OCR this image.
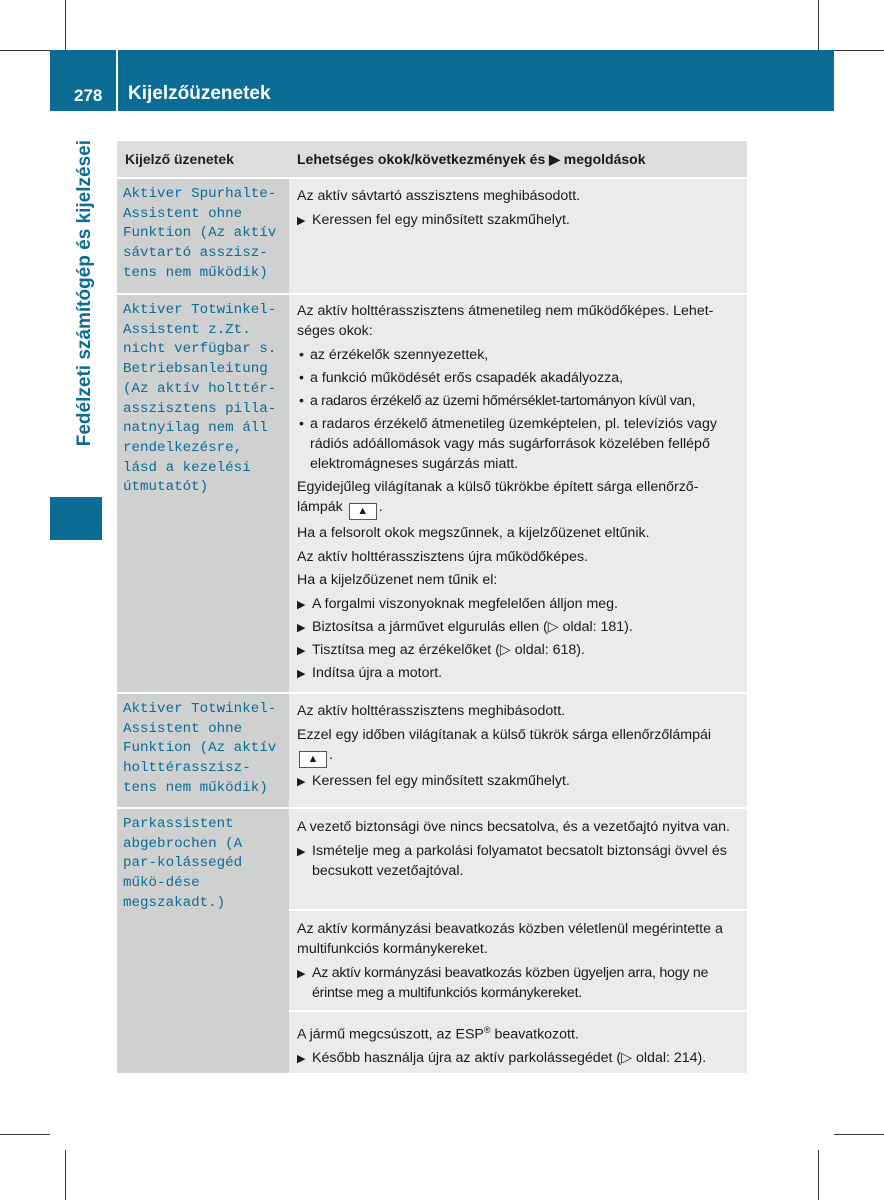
278 Kijelzőüzenetek
Fedélzeti számítógép és kijelzései	Kijelző üzenetek	Lehetséges okok/következmények és ▶ megoldások
Aktiver Spurhalte-Assistent ohne Funktion (Az aktív sávtartó asszisz-tens nem működik)

Az aktív sávtartó asszisztens meghibásodott.

▶ Keressen fel egy minősített szakműhelyt.
Aktiver Totwinkel-Assistent z.Zt. nicht verfügbar s. Betriebsanleitung (Az aktív holttér-asszisztens pilla-natnyilag nem áll rendelkezésre, lásd a kezelési útmutatót)

Az aktív holttérasszisztens átmenetileg nem működőképes. Lehet-séges okok:

• az érzékelők szennyezettek,
• a funkció működését erős csapadék akadályozza,
• a radaros érzékelő az üzemi hőmérséklet-tartományon kívül van,
• a radaros érzékelő átmenetileg üzemképtelen, pl. televíziós vagy rádiós adóállomások vagy más sugárforrások közelében fellépő elektromágneses sugárzás miatt.

Egyidejűleg világítanak a külső tükrökbe épített sárga ellenőrző-lámpák ▲ .

Ha a felsorolt okok megszűnnek, a kijelzőüzenet eltűnik.

Az aktív holttérasszisztens újra működőképes.

Ha a kijelzőüzenet nem tűnik el:

▶ A forgalmi viszonyoknak megfelelően álljon meg.
▶ Biztosítsa a járművet elgurulás ellen (▷ oldal: 181).
▶ Tisztítsa meg az érzékelőket (▷ oldal: 618).
▶ Indítsa újra a motort.
Aktiver Totwinkel-Assistent ohne Funktion (Az aktív holttérasszisz-tens nem működik)

Az aktív holttérasszisztens meghibásodott.

Ezzel egy időben világítanak a külső tükrök sárga ellenőrzőlámpái ▲ .

▶ Keressen fel egy minősített szakműhelyt.
Parkassistent abgebrochen (A par-kolássegéd műkö-dése megszakadt.)

A vezető biztonsági öve nincs becsatolva, és a vezetőajtó nyitva van.

▶ Ismételje meg a parkolási folyamatot becsatolt biztonsági övvel és becsukott vezetőajtóval.

Az aktív kormányzási beavatkozás közben véletlenül megérintette a multifunkciós kormánykereket.

▶ Az aktív kormányzási beavatkozás közben ügyeljen arra, hogy ne érintse meg a multifunkciós kormánykereket.

A jármű megcsúszott, az ESP® beavatkozott.

▶ Később használja újra az aktív parkolássegédet (▷ oldal: 214).
